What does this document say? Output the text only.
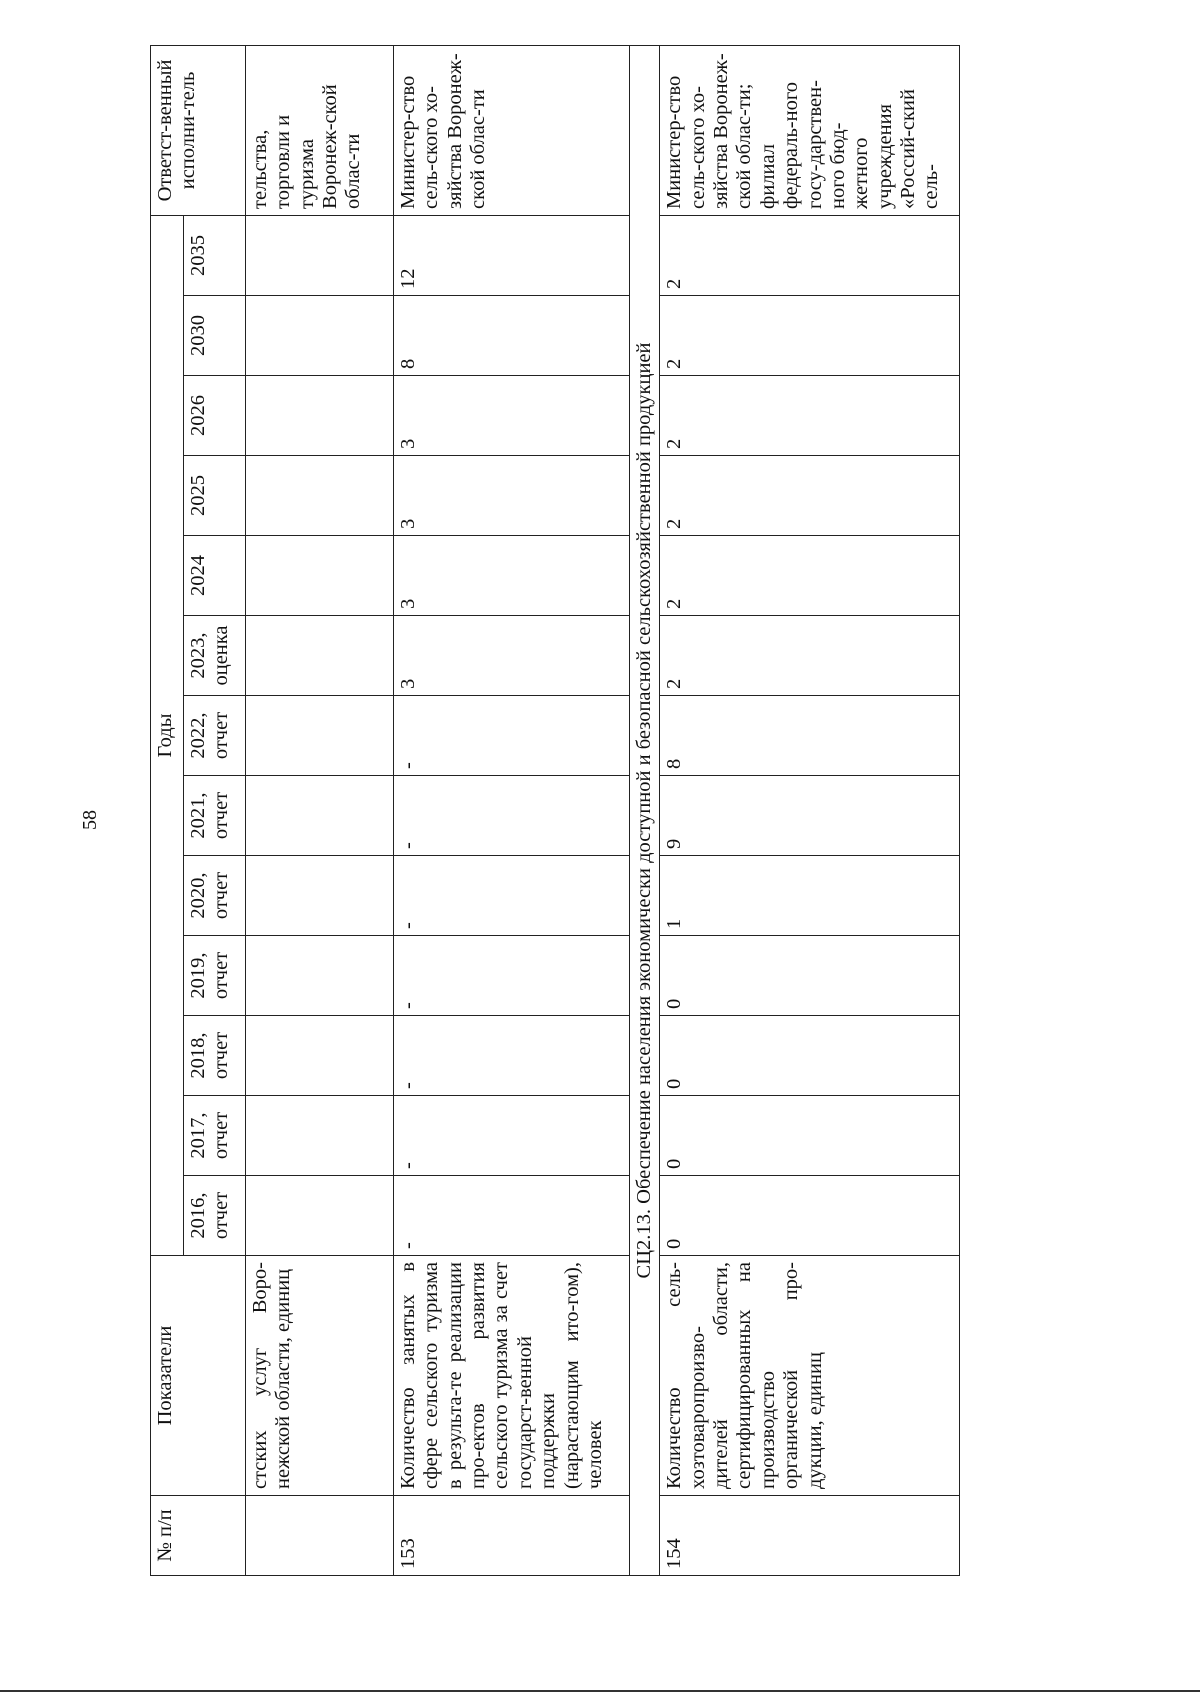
58
№ п/п	Показатели	Годы													Ответст-венный исполни-тель
		2016, отчет	2017, отчет	2018, отчет	2019, отчет	2020, отчет	2021, отчет	2022, отчет	2023, оценка	2024	2025	2026	2030	2035	
	стских услуг Воро-нежской области, единиц														тельства, торговли и туризма Воронеж-ской облас-ти
153	Количество занятых в сфере сельского туризма в результа-те реализации про-ектов развития сельского туризма за счет государст-венной поддержки (нарастающим ито-гом), человек	-	-	-	-	-	-	-	3	3	3	3	8	12	Министер-ство сель-ского хо-зяйства Воронеж-ской облас-ти
СЦ2.13. Обеспечение населения экономически доступной и безопасной сельскохозяйственной продукцией															
154	Количество сель-хозтоваропроизво-дителей области, сертифицированных на производство органической про-дукции, единиц	0	0	0	0	1	9	8	2	2	2	2	2	2	Министер-ство сель-ского хо-зяйства Воронеж-ской облас-ти; филиал федераль-ного госу-дарствен-ного бюд-жетного учреждения «Россий-ский сель-
